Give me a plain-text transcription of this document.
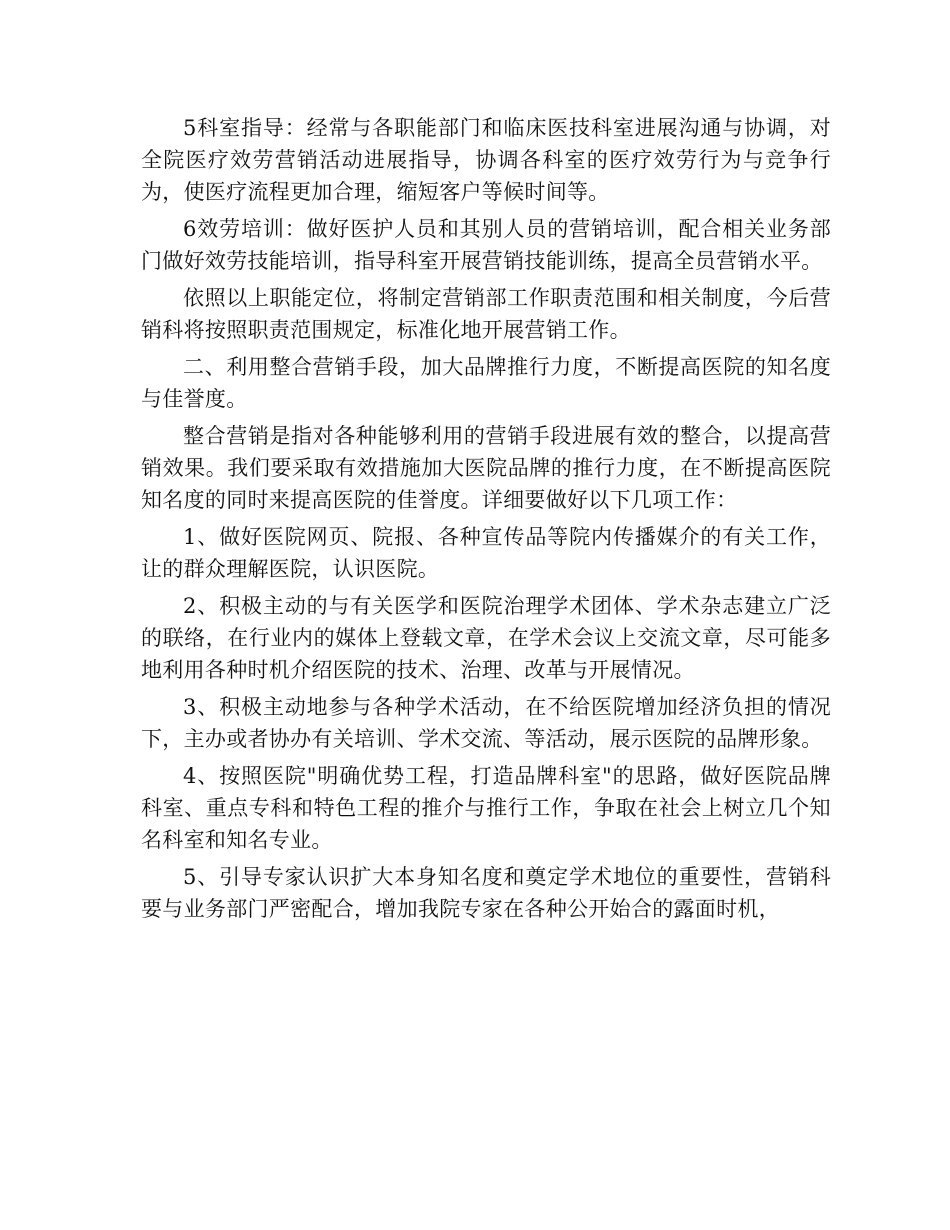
5科室指导：经常与各职能部门和临床医技科室进展沟通与协调，对全院医疗效劳营销活动进展指导，协调各科室的医疗效劳行为与竞争行为，使医疗流程更加合理，缩短客户等候时间等。

6效劳培训：做好医护人员和其别人员的营销培训，配合相关业务部门做好效劳技能培训，指导科室开展营销技能训练，提高全员营销水平。

依照以上职能定位，将制定营销部工作职责范围和相关制度，今后营销科将按照职责范围规定，标准化地开展营销工作。

二、利用整合营销手段，加大品牌推行力度，不断提高医院的知名度与佳誉度。

整合营销是指对各种能够利用的营销手段进展有效的整合，以提高营销效果。我们要采取有效措施加大医院品牌的推行力度，在不断提高医院知名度的同时来提高医院的佳誉度。详细要做好以下几项工作：

1、做好医院网页、院报、各种宣传品等院内传播媒介的有关工作，让的群众理解医院，认识医院。

2、积极主动的与有关医学和医院治理学术团体、学术杂志建立广泛的联络，在行业内的媒体上登载文章，在学术会议上交流文章，尽可能多地利用各种时机介绍医院的技术、治理、改革与开展情况。

3、积极主动地参与各种学术活动，在不给医院增加经济负担的情况下，主办或者协办有关培训、学术交流、等活动，展示医院的品牌形象。

4、按照医院"明确优势工程，打造品牌科室"的思路，做好医院品牌科室、重点专科和特色工程的推介与推行工作，争取在社会上树立几个知名科室和知名专业。

5、引导专家认识扩大本身知名度和奠定学术地位的重要性，营销科要与业务部门严密配合，增加我院专家在各种公开始合的露面时机，
